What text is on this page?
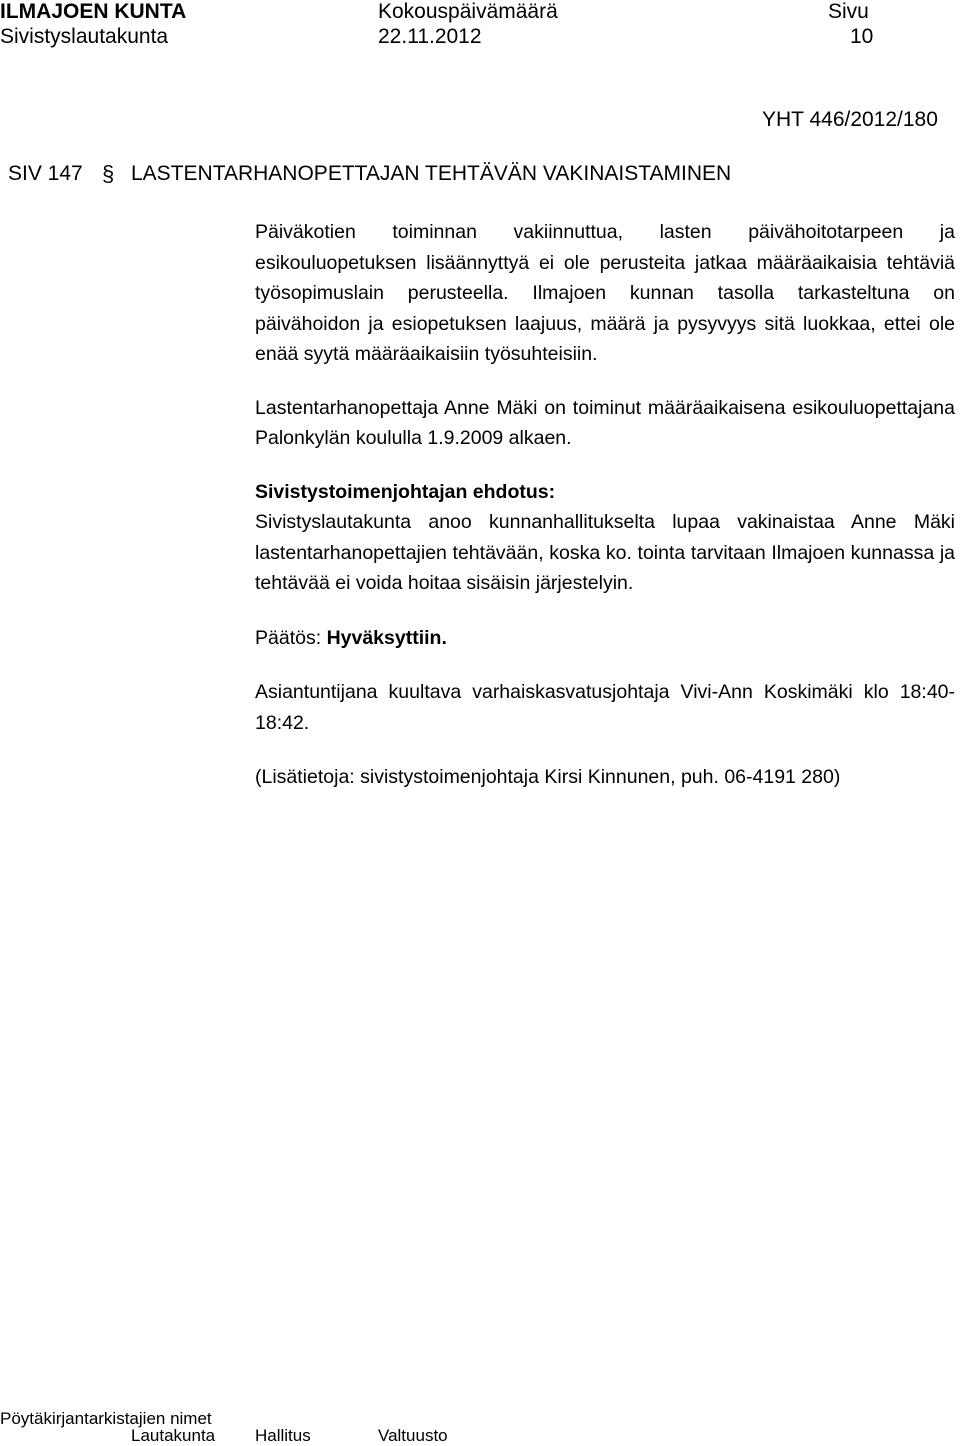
ILMAJOEN KUNTA
Sivistyslautakunta
Kokouspäivämäärä
22.11.2012
Sivu
10
YHT 446/2012/180
SIV 147 § LASTENTARHANOPETTAJAN TEHTÄVÄN VAKINAISTAMINEN

Päiväkotien toiminnan vakiinnuttua, lasten päivähoitotarpeen ja esikouluopetuksen lisäännyttyä ei ole perusteita jatkaa määräaikaisia tehtäviä työsopimuslain perusteella. Ilmajoen kunnan tasolla tarkasteltuna on päivähoidon ja esiopetuksen laajuus, määrä ja pysyvyys sitä luokkaa, ettei ole enää syytä määräaikaisiin työsuhteisiin.

Lastentarhanopettaja Anne Mäki on toiminut määräaikaisena esikouluopettajana Palonkylän koululla 1.9.2009 alkaen.

Sivistystoimenjohtajan ehdotus:

Sivistyslautakunta anoo kunnanhallitukselta lupaa vakinaistaa Anne Mäki lastentarhanopettajien tehtävään, koska ko. tointa tarvitaan Ilmajoen kunnassa ja tehtävää ei voida hoitaa sisäisin järjestelyin.

Päätös: Hyväksyttiin.

Asiantuntijana kuultava varhaiskasvatusjohtaja Vivi-Ann Koskimäki klo 18:40-18:42.

(Lisätietoja: sivistystoimenjohtaja Kirsi Kinnunen, puh. 06-4191 280)

Pöytäkirjantarkistajien nimet
Lautakunta Hallitus	Valtuusto
